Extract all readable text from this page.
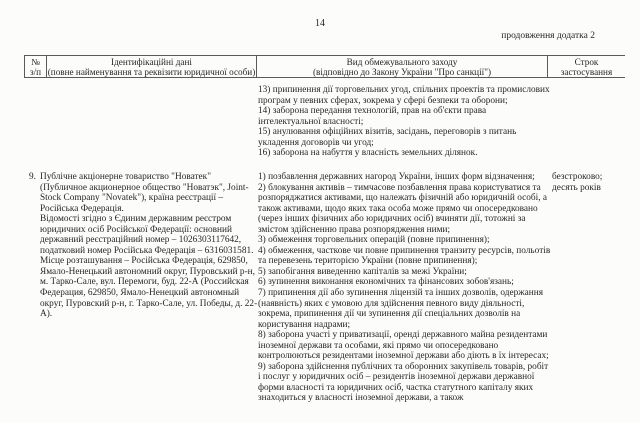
14
продовження додатка 2
№
з/п
Ідентифікаційні дані
(повне найменування та реквізити юридичної особи)
Вид обмежувального заходу
(відповідно до Закону України "Про санкції")
Строк
застосування

13) припинення дії торговельних угод, спільних проектів та промислових програм у певних сферах, зокрема у сфері безпеки та оборони;

14) заборона передання технологій, прав на об'єкти права інтелектуальної власності;

15) анулювання офіційних візитів, засідань, переговорів з питань укладення договорів чи угод;

16) заборона на набуття у власність земельних ділянок.

9. Публічне акціонерне товариство "Новатек" (Публичное акционерное общество "Новатэк", Joint-Stock Company "Novatek"), країна реєстрації – Російська Федерація.

Відомості згідно з Єдиним державним реєстром юридичних осіб Російської Федерації: основний державний реєстраційний номер – 1026303117642, податковий номер Російська Федерація – 6316031581. Місце розташування – Російська Федерація, 629850, Ямало-Ненецький автономний округ, Пуровський р-н, м. Тарко-Сале, вул. Перемоги, буд. 22-А (Российская Федерация, 629850, Ямало-Ненецкий автономный округ, Пуровский р-н, г. Тарко-Сале, ул. Победы, д. 22-А).

1) позбавлення державних нагород України, інших форм відзначення;

2) блокування активів – тимчасове позбавлення права користуватися та розпоряджатися активами, що належать фізичній або юридичній особі, а також активами, щодо яких така особа може прямо чи опосередковано (через інших фізичних або юридичних осіб) вчиняти дії, тотожні за змістом здійсненню права розпорядження ними;

3) обмеження торговельних операцій (повне припинення);

4) обмеження, часткове чи повне припинення транзиту ресурсів, польотів та перевезень територією України (повне припинення);

5) запобігання виведенню капіталів за межі України;

6) зупинення виконання економічних та фінансових зобов'язань;

7) припинення дії або зупинення ліцензій та інших дозволів, одержання (наявність) яких є умовою для здійснення певного виду діяльності, зокрема, припинення дії чи зупинення дії спеціальних дозволів на користування надрами;

8) заборона участі у приватизації, оренді державного майна резидентами іноземної держави та особами, які прямо чи опосередковано контролюються резидентами іноземної держави або діють в їх інтересах;

9) заборона здійснення публічних та оборонних закупівель товарів, робіт і послуг у юридичних осіб – резидентів іноземної держави державної форми власності та юридичних осіб, частка статутного капіталу яких знаходиться у власності іноземної держави, а також

безстроково;
десять років
